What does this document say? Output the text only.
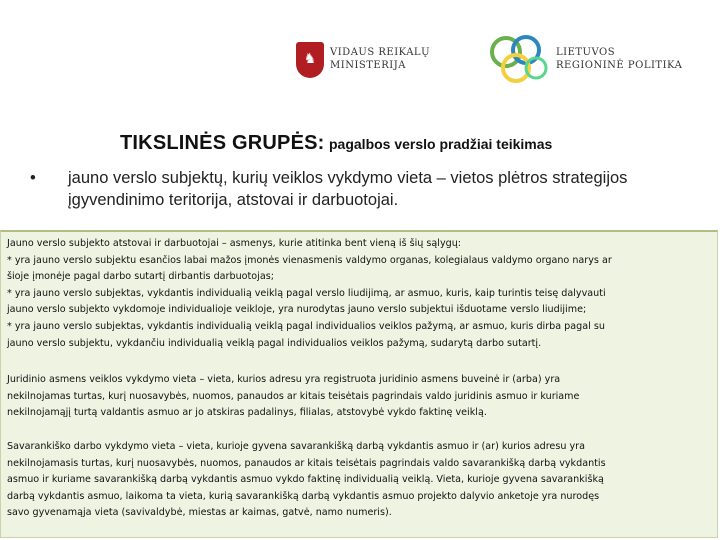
♞ VIDAUS REIKALŲ
MINISTERIJA
LIETUVOS
REGIONINĖ POLITIKA
TIKSLINĖS GRUPĖS: pagalbos verslo pradžiai teikimas
• jauno verslo subjektų, kurių veiklos vykdymo vieta – vietos plėtros strategijos įgyvendinimo teritorija, atstovai ir darbuotojai.
Jauno verslo subjekto atstovai ir darbuotojai – asmenys, kurie atitinka bent vieną iš šių sąlygų:
* yra jauno verslo subjektu esančios labai mažos įmonės vienasmenis valdymo organas, kolegialaus valdymo organo narys ar
šioje įmonėje pagal darbo sutartį dirbantis darbuotojas;
* yra jauno verslo subjektas, vykdantis individualią veiklą pagal verslo liudijimą, ar asmuo, kuris, kaip turintis teisę dalyvauti
jauno verslo subjekto vykdomoje individualioje veikloje, yra nurodytas jauno verslo subjektui išduotame verslo liudijime;
* yra jauno verslo subjektas, vykdantis individualią veiklą pagal individualios veiklos pažymą, ar asmuo, kuris dirba pagal su
jauno verslo subjektu, vykdančiu individualią veiklą pagal individualios veiklos pažymą, sudarytą darbo sutartį.
Juridinio asmens veiklos vykdymo vieta – vieta, kurios adresu yra registruota juridinio asmens buveinė ir (arba) yra
nekilnojamas turtas, kurį nuosavybės, nuomos, panaudos ar kitais teisėtais pagrindais valdo juridinis asmuo ir kuriame
nekilnojamąjį turtą valdantis asmuo ar jo atskiras padalinys, filialas, atstovybė vykdo faktinę veiklą.
Savarankiško darbo vykdymo vieta – vieta, kurioje gyvena savarankišką darbą vykdantis asmuo ir (ar) kurios adresu yra
nekilnojamasis turtas, kurį nuosavybės, nuomos, panaudos ar kitais teisėtais pagrindais valdo savarankišką darbą vykdantis
asmuo ir kuriame savarankišką darbą vykdantis asmuo vykdo faktinę individualią veiklą. Vieta, kurioje gyvena savarankišką
darbą vykdantis asmuo, laikoma ta vieta, kurią savarankišką darbą vykdantis asmuo projekto dalyvio anketoje yra nurodęs
savo gyvenamąja vieta (savivaldybė, miestas ar kaimas, gatvė, namo numeris).
